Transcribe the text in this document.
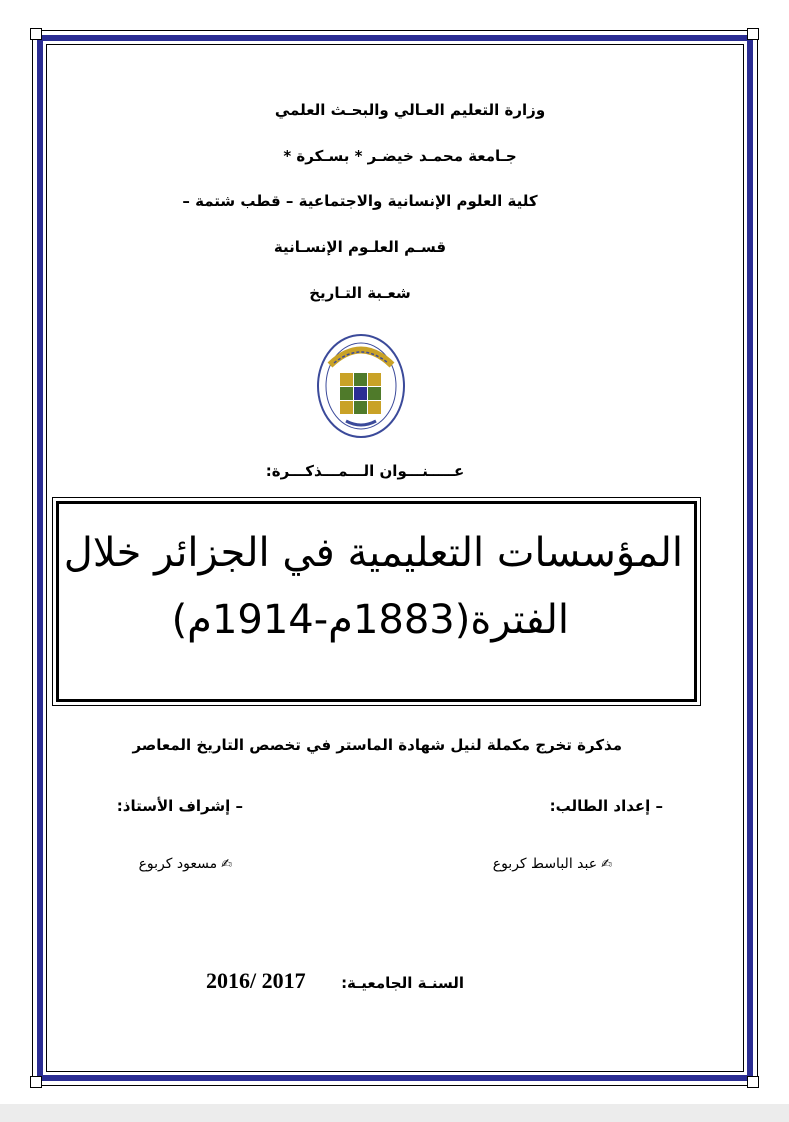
وزارة التعليم العـالي والبحـث العلمي
جـامعة محمـد خيضـر * بسـكرة *
كلية العلوم الإنسانية والاجتماعية – قطب شتمة –
قسـم العلـوم الإنسـانية
شعـبة التـاريخ
عـــــنـــوان الـــمـــذكـــرة:
المؤسسات التعليمية في الجزائر خلال
الفترة(1883م-1914م)
مذكرة تخرج مكملة لنيل شهادة الماستر في تخصص التاريخ المعاصر
– إعداد الطالب:
– إشراف الأستاذ:
✍عبد الباسط كربوع
✍مسعود كربوع
السنـة الجامعيـة:
2016/ 2017
